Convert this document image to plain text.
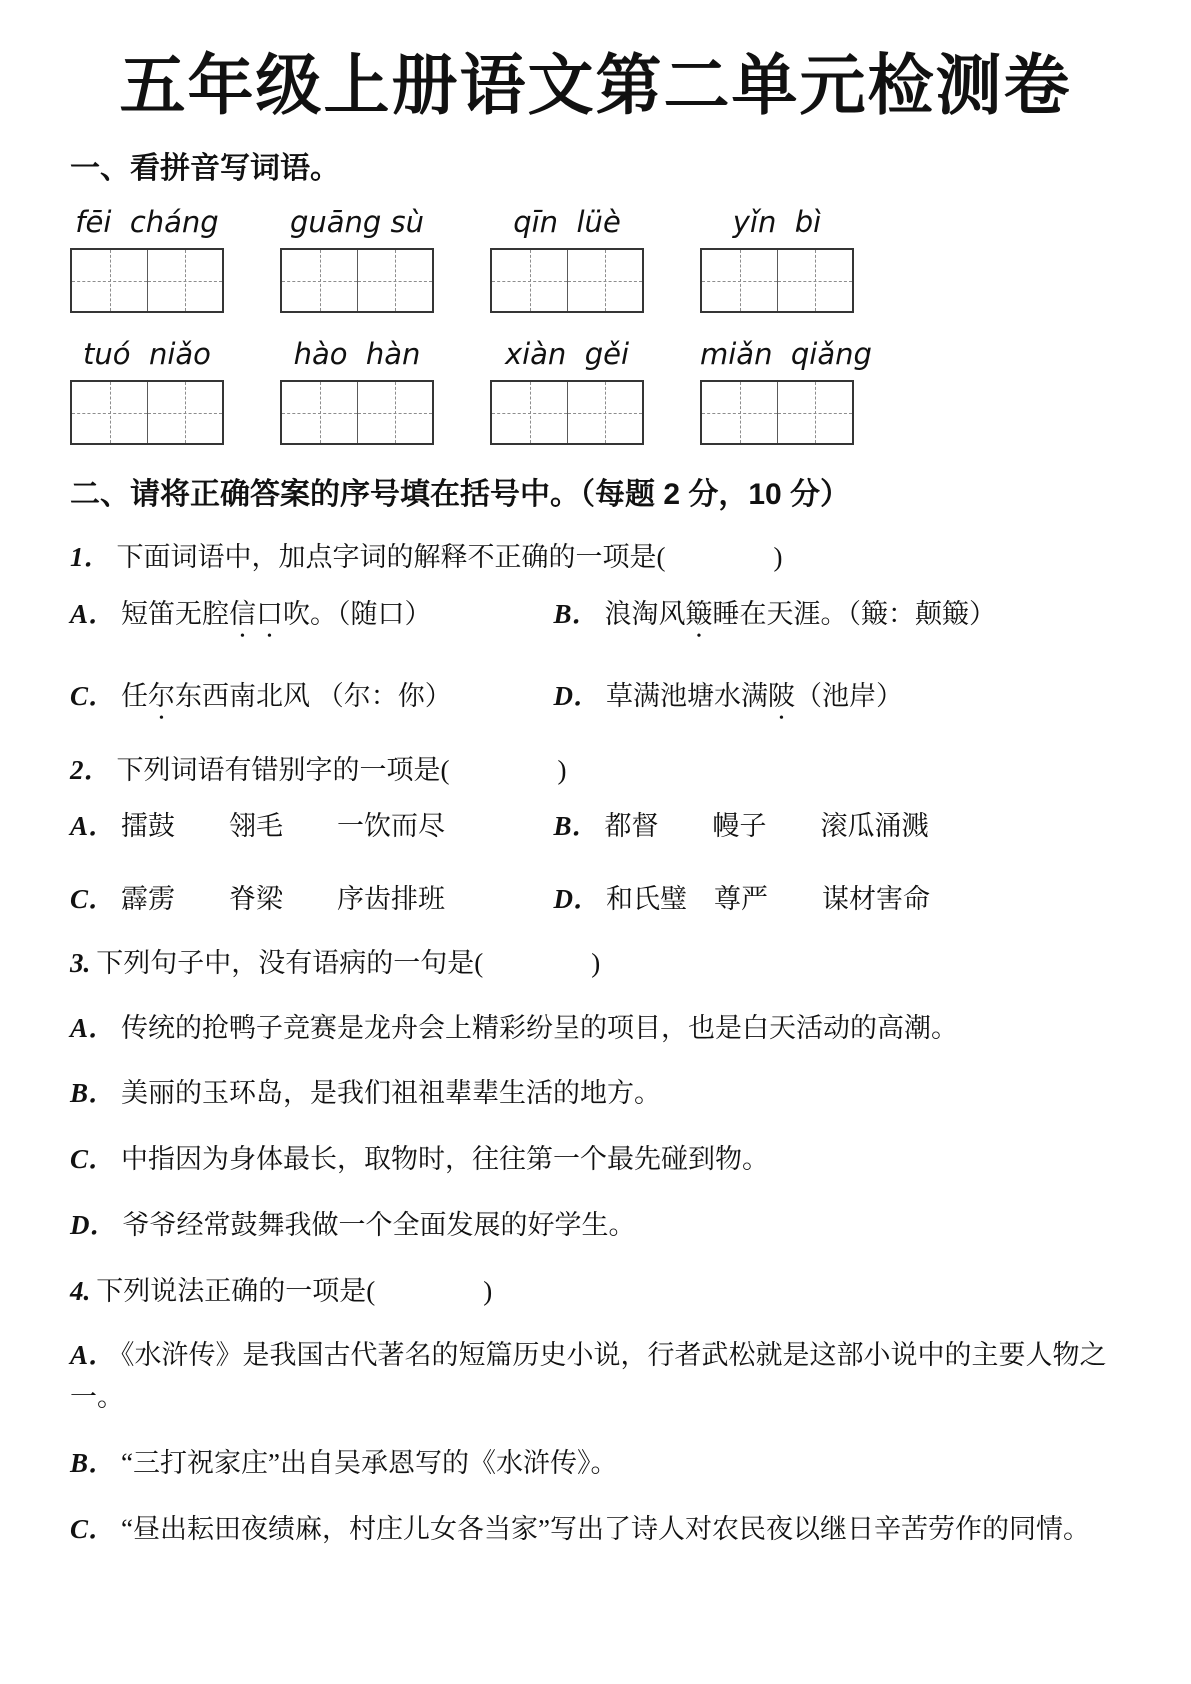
五年级上册语文第二单元检测卷
一、看拼音写词语。
fēi  cháng	guāng sù	qīn  lüè	yǐn  bì
tuó  niǎo	hào  hàn	xiàn  gěi	miǎn  qiǎng
二、请将正确答案的序号填在括号中。（每题 2 分，10 分）

1． 下面词语中，加点字词的解释不正确的一项是(　　　　)

A． 短笛无腔信口吹。（随口）	B． 浪淘风簸睡在天涯。（簸：颠簸）
C． 任尔东西南北风 （尔：你）	D． 草满池塘水满陂（池岸）

2． 下列词语有错别字的一项是(　　　　)

A． 擂鼓　　翎毛　　一饮而尽	B． 都督　　幔子　　滚瓜涌溅
C． 霹雳　　脊梁　　序齿排班	D． 和氏璧　尊严　　谋材害命

3. 下列句子中，没有语病的一句是(　　　　)

A． 传统的抢鸭子竞赛是龙舟会上精彩纷呈的项目，也是白天活动的高潮。

B． 美丽的玉环岛，是我们祖祖辈辈生活的地方。

C． 中指因为身体最长，取物时，往往第一个最先碰到物。

D． 爷爷经常鼓舞我做一个全面发展的好学生。

4. 下列说法正确的一项是(　　　　)

A． 《水浒传》是我国古代著名的短篇历史小说，行者武松就是这部小说中的主要人物之一。

B． “三打祝家庄”出自吴承恩写的《水浒传》。

C． “昼出耘田夜绩麻，村庄儿女各当家”写出了诗人对农民夜以继日辛苦劳作的同情。
